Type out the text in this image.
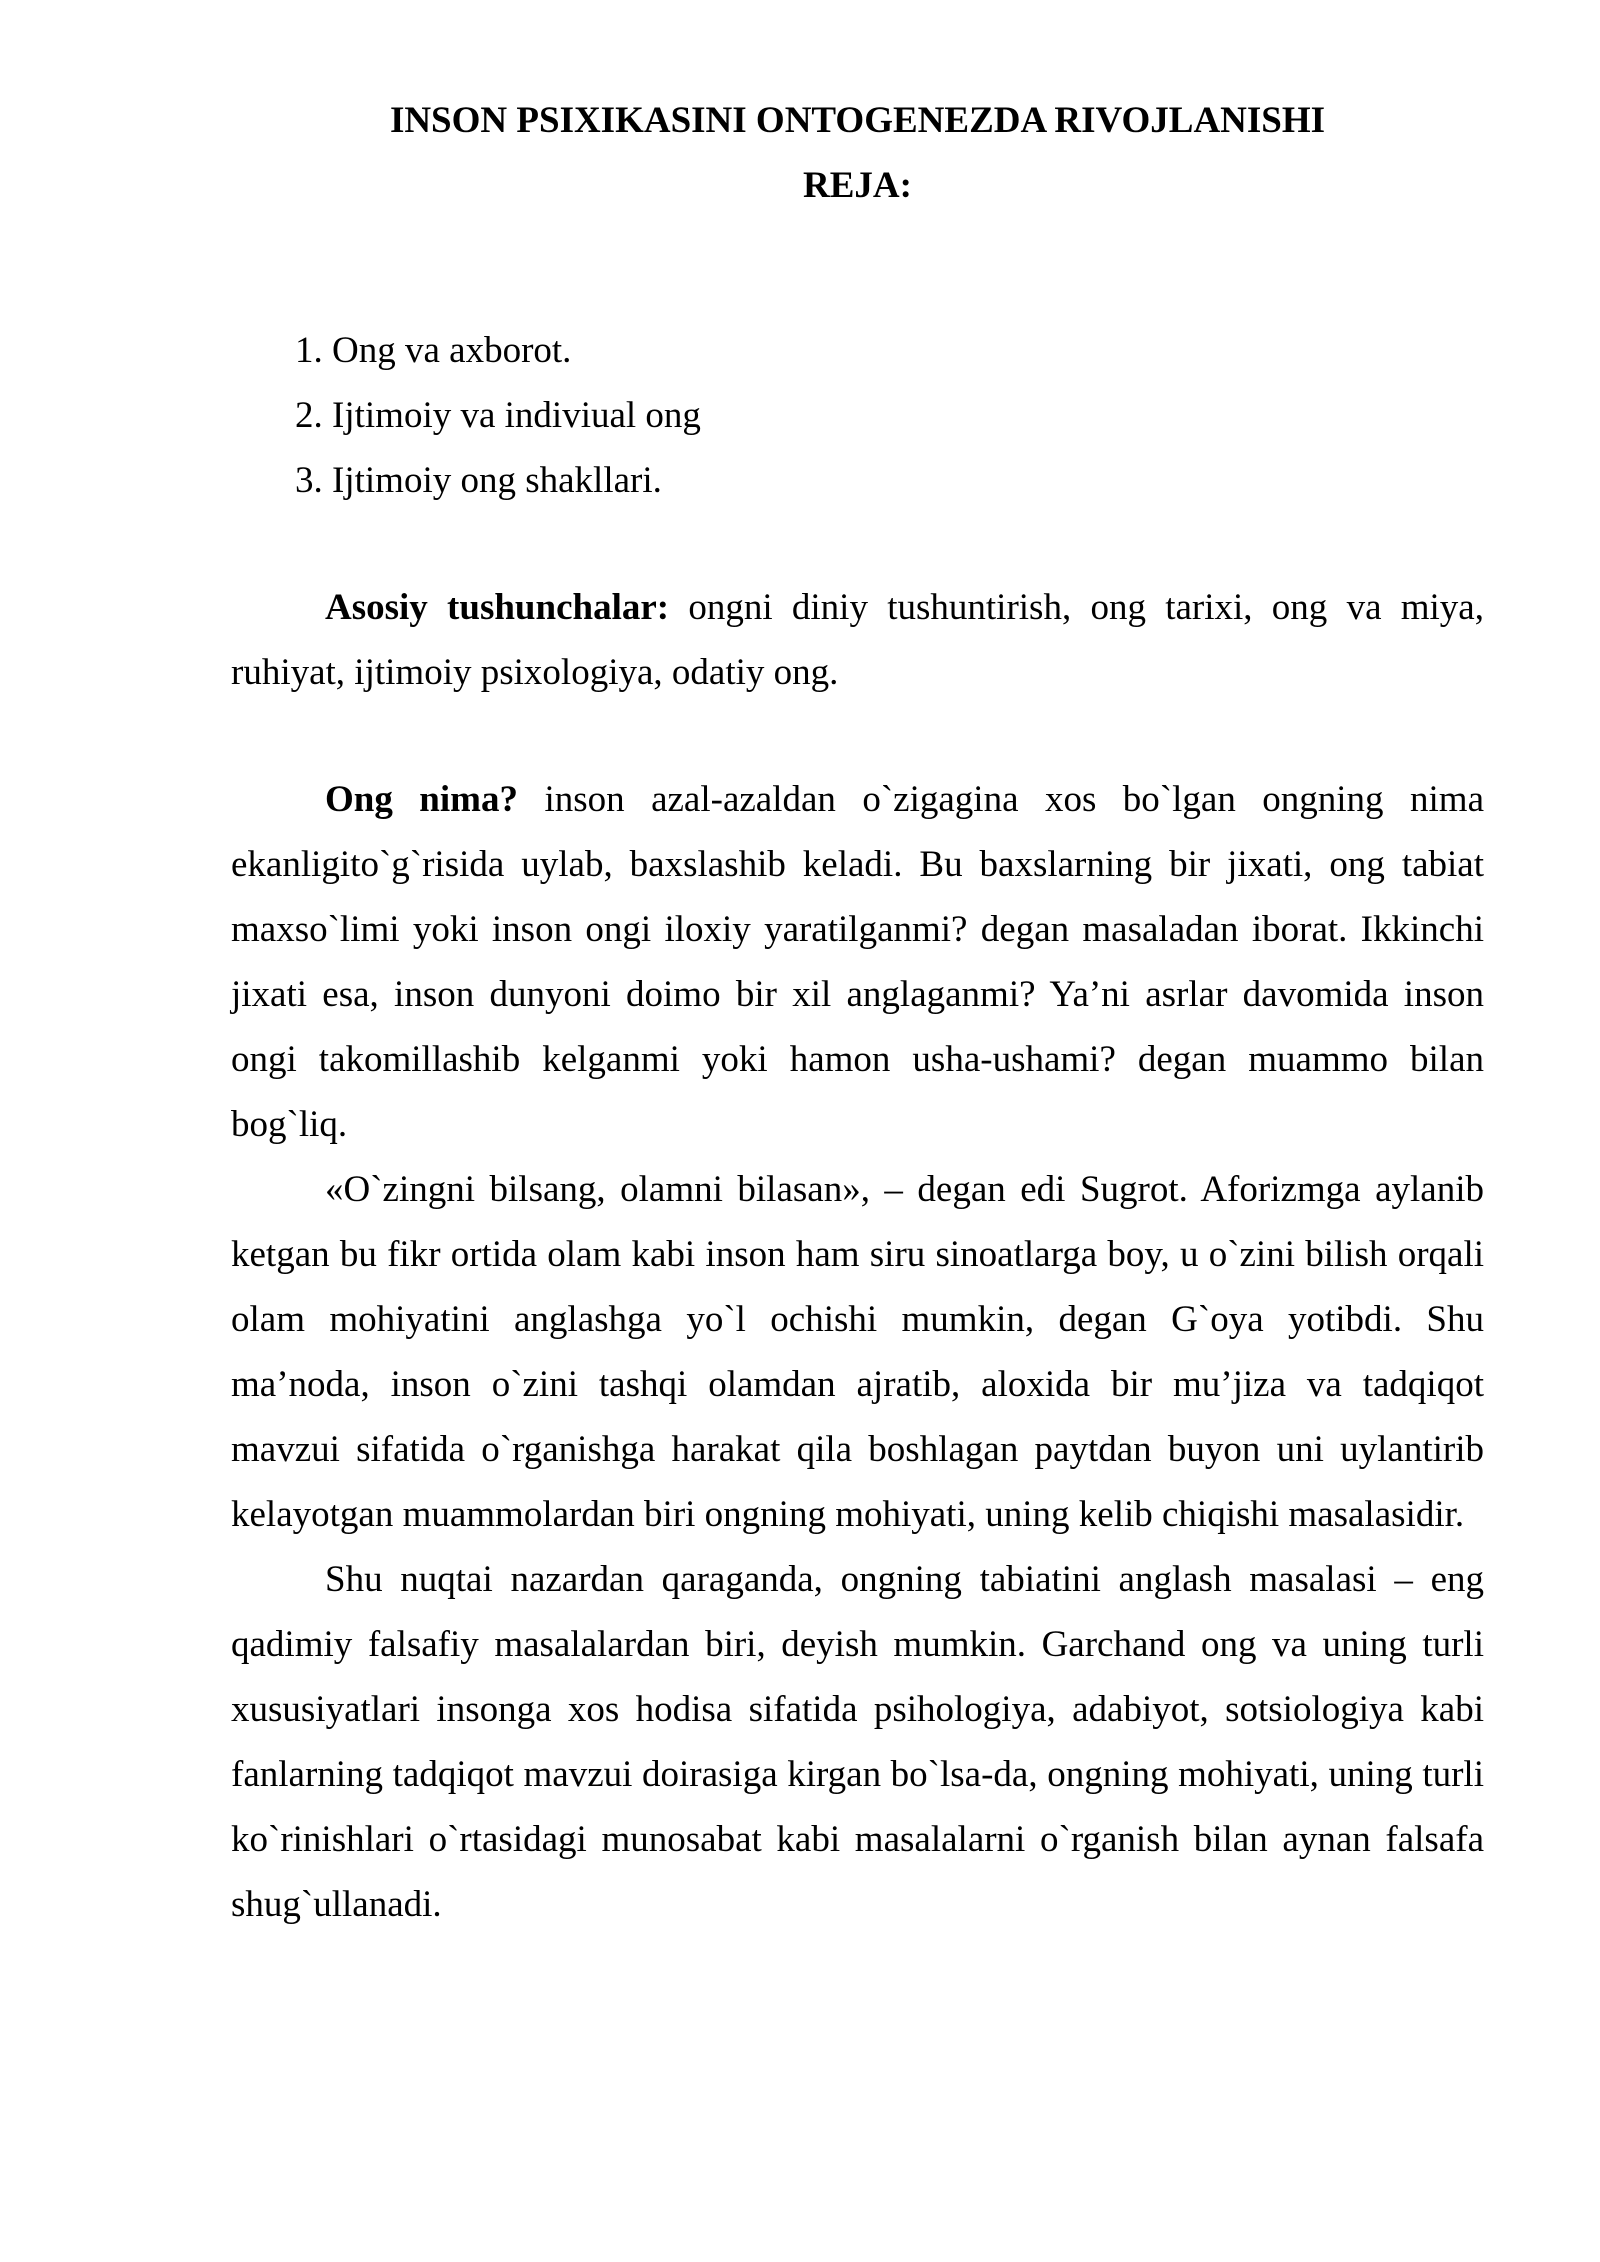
INSON PSIXIKASINI ONTOGENEZDA RIVOJLANISHI
REJA:
1. Ong va axborot.
2. Ijtimoiy va indiviual ong
3. Ijtimoiy ong shakllari.

Asosiy tushunchalar: ongni diniy tushuntirish, ong tarixi, ong va miya, ruhiyat, ijtimoiy psixologiya, odatiy ong.

Ong nima? inson azal-azaldan o`zigagina xos bo`lgan ongning nima ekanligito`g`risida uylab, baxslashib keladi. Bu baxslarning bir jixati, ong tabiat maxso`limi yoki inson ongi iloxiy yaratilganmi? degan masaladan iborat. Ikkinchi jixati esa, inson dunyoni doimo bir xil anglaganmi? Ya’ni asrlar davomida inson ongi takomillashib kelganmi yoki hamon usha-ushami? degan muammo bilan bog`liq.

«O`zingni bilsang, olamni bilasan», – degan edi Sugrot. Aforizmga aylanib ketgan bu fikr ortida olam kabi inson ham siru sinoatlarga boy, u o`zini bilish orqali olam mohiyatini anglashga yo`l ochishi mumkin, degan G`oya yotibdi. Shu ma’noda, inson o`zini tashqi olamdan ajratib, aloxida bir mu’jiza va tadqiqot mavzui sifatida o`rganishga harakat qila boshlagan paytdan buyon uni uylantirib kelayotgan muammolardan biri ongning mohiyati, uning kelib chiqishi masalasidir.

Shu nuqtai nazardan qaraganda, ongning tabiatini anglash masalasi – eng qadimiy falsafiy masalalardan biri, deyish mumkin. Garchand ong va uning turli xususiyatlari insonga xos hodisa sifatida psihologiya, adabiyot, sotsiologiya kabi fanlarning tadqiqot mavzui doirasiga kirgan bo`lsa-da, ongning mohiyati, uning turli ko`rinishlari o`rtasidagi munosabat kabi masalalarni o`rganish bilan aynan falsafa shug`ullanadi.
